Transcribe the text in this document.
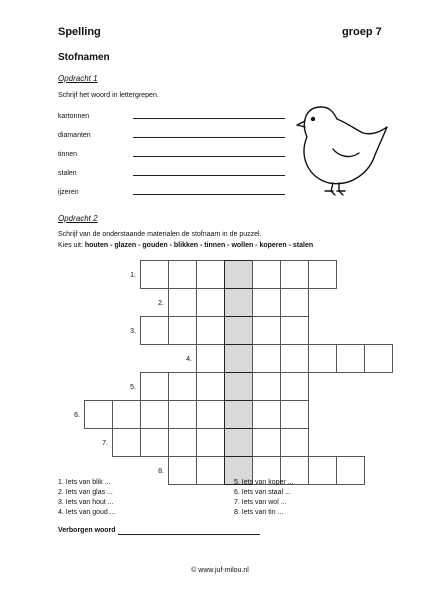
Spelling	groep 7
Stofnamen
Opdracht 1
Schrijf het woord in lettergrepen.
kartonnen
diamanten
tinnen
stalen
ijzeren
Opdracht 2
Schrijf van de onderstaande materialen de stofnaam in de puzzel.
Kies uit: houten - glazen - gouden - blikken - tinnen - wollen - koperen - stalen
1.
2.
3.
4.
5.
6.
7.
8.
1. Iets van blik ...
2. Iets van glas ...
3. Iets van hout ...
4. Iets van goud ...
5. Iets van koper ...
6. Iets van staal ...
7. Iets van wol ...
8. Iets van tin ...
Verborgen woord
© www.juf-milou.nl
